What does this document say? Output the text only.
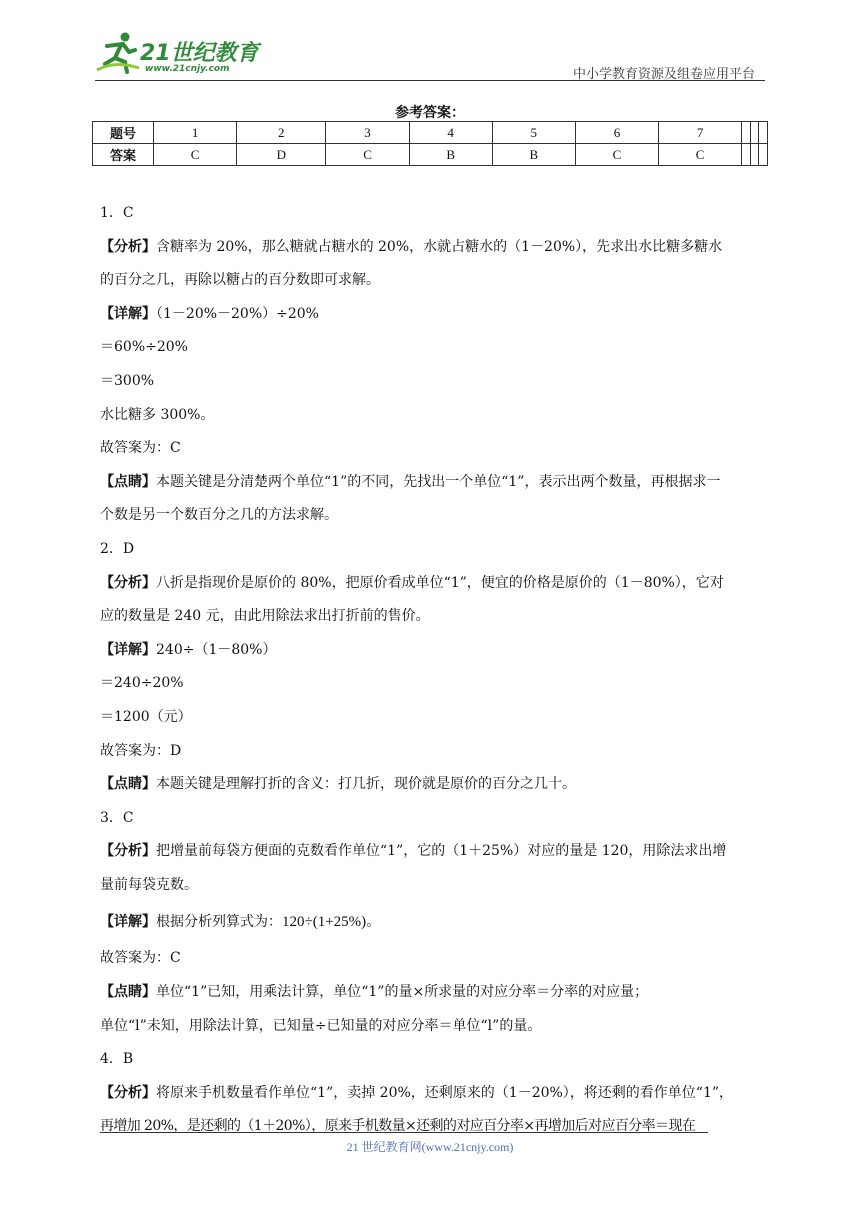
21世纪教育
www.21cnjy.com	中小学教育资源及组卷应用平台
参考答案：
题号	1	2	3	4	5	6	7			
答案	C	D	C	B	B	C	C			

1．C

【分析】含糖率为 20%，那么糖就占糖水的 20%，水就占糖水的（1－20%），先求出水比糖多糖水

的百分之几，再除以糖占的百分数即可求解。

【详解】（1－20%－20%）÷20%

＝60%÷20%

＝300%

水比糖多 300%。

故答案为：C

【点睛】本题关键是分清楚两个单位“1”的不同，先找出一个单位“1”，表示出两个数量，再根据求一

个数是另一个数百分之几的方法求解。

2．D

【分析】八折是指现价是原价的 80%，把原价看成单位“1”，便宜的价格是原价的（1－80%），它对

应的数量是 240 元，由此用除法求出打折前的售价。

【详解】240÷（1－80%）

＝240÷20%

＝1200（元）

故答案为：D

【点睛】本题关键是理解打折的含义：打几折，现价就是原价的百分之几十。

3．C

【分析】把增量前每袋方便面的克数看作单位“1”，它的（1＋25%）对应的量是 120，用除法求出增

量前每袋克数。

【详解】根据分析列算式为：120÷(1+25%)。

故答案为：C

【点睛】单位“1”已知，用乘法计算，单位“1”的量×所求量的对应分率＝分率的对应量；

单位“l”未知，用除法计算，已知量÷已知量的对应分率＝单位“l”的量。

4．B

【分析】将原来手机数量看作单位“1”，卖掉 20%，还剩原来的（1－20%），将还剩的看作单位“1”，

再增加 20%，是还剩的（1＋20%），原来手机数量×还剩的对应百分率×再增加后对应百分率＝现在

21 世纪教育网(www.21cnjy.com)
